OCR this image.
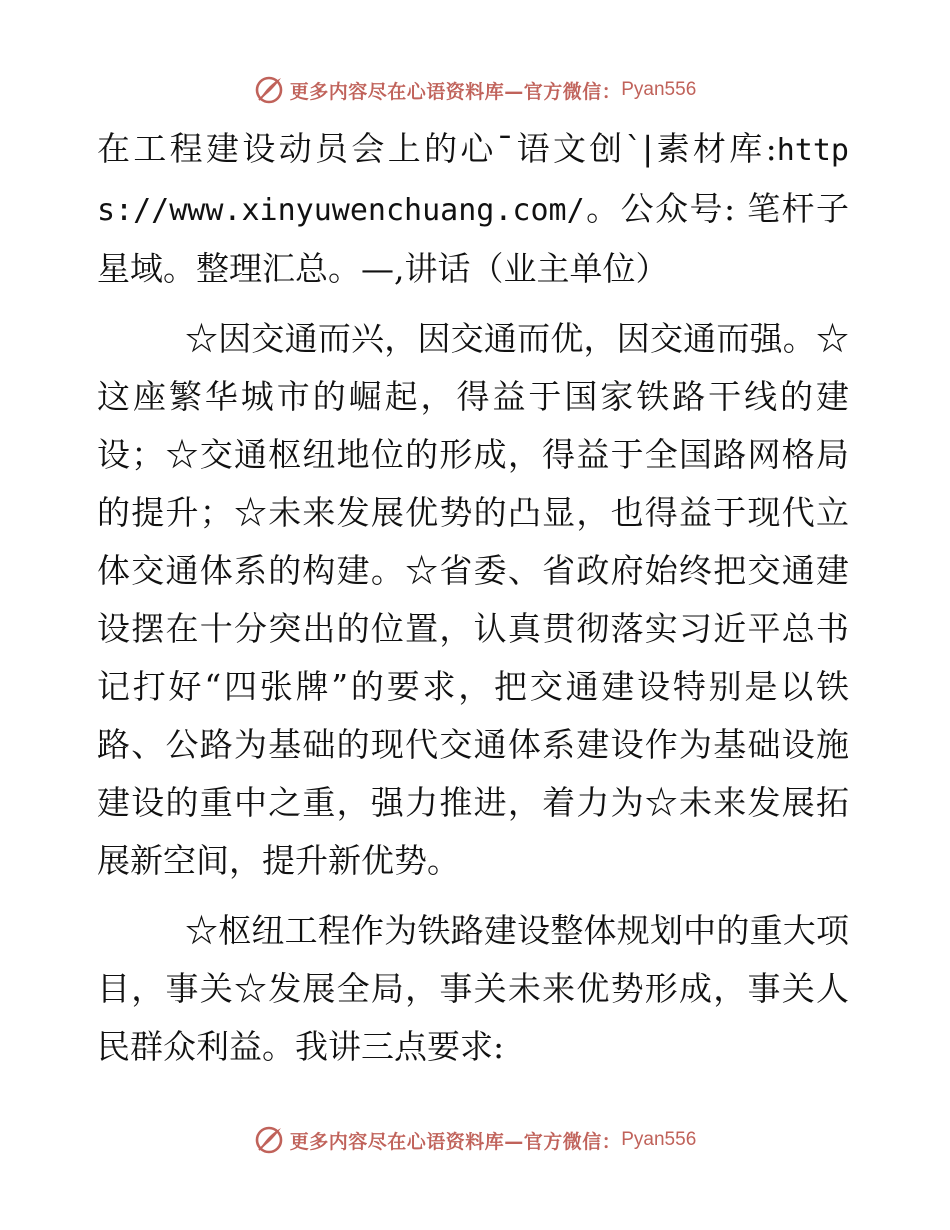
更多内容尽在心语资料库—官方微信： Pyan556

在工程建设动员会上的心¯语文创`|素材库:https://www.xinyuwenchuang.com/。公众号: 笔杆子星域。整理汇总。—,讲话（业主单位）

☆因交通而兴，因交通而优，因交通而强。☆这座繁华城市的崛起，得益于国家铁路干线的建设；☆交通枢纽地位的形成，得益于全国路网格局的提升；☆未来发展优势的凸显，也得益于现代立体交通体系的构建。☆省委、省政府始终把交通建设摆在十分突出的位置，认真贯彻落实习近平总书记打好“四张牌”的要求，把交通建设特别是以铁路、公路为基础的现代交通体系建设作为基础设施建设的重中之重，强力推进，着力为☆未来发展拓展新空间，提升新优势。

☆枢纽工程作为铁路建设整体规划中的重大项目，事关☆发展全局，事关未来优势形成，事关人民群众利益。我讲三点要求:

更多内容尽在心语资料库—官方微信： Pyan556
